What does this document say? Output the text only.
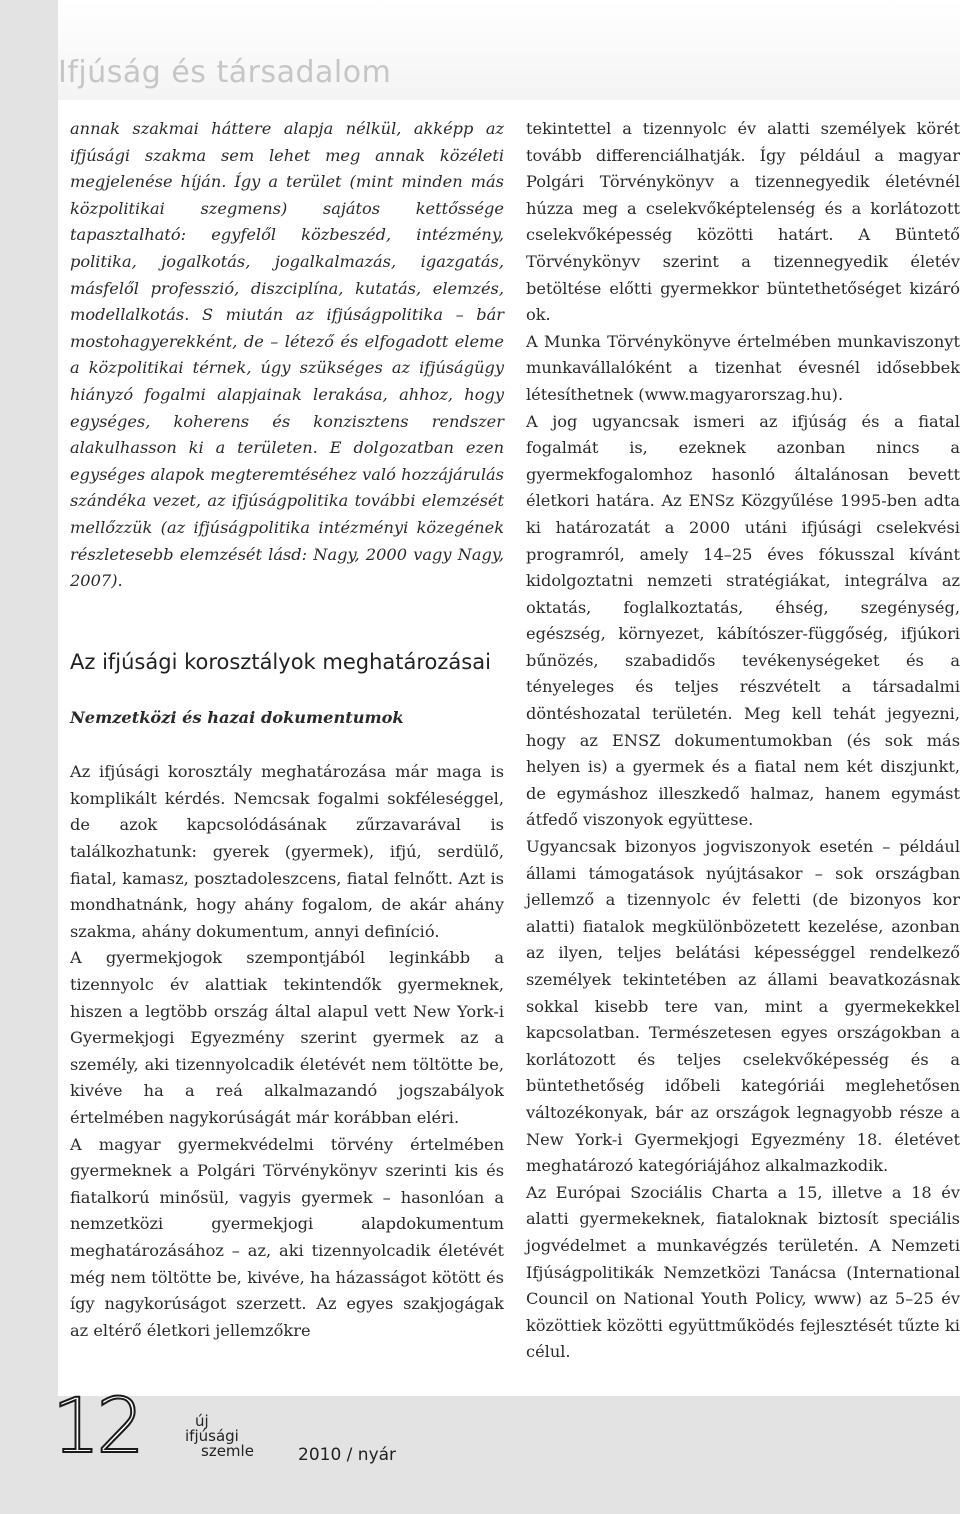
Ifjúság és társadalom

annak szakmai háttere alapja nélkül, akképp az ifjúsági szakma sem lehet meg annak közéleti megjelenése híján. Így a terület (mint minden más közpolitikai szegmens) sajátos kettőssége tapasztalható: egyfelől közbeszéd, intézmény, politika, jogalkotás, jogalkalmazás, igazgatás, másfelől professzió, diszciplína, kutatás, elemzés, modellalkotás. S miután az ifjúságpolitika – bár mostohagyerekként, de – létező és elfogadott eleme a közpolitikai térnek, úgy szükséges az ifjúságügy hiányzó fogalmi alapjainak lerakása, ahhoz, hogy egységes, koherens és konzisztens rendszer alakulhasson ki a területen. E dolgozatban ezen egységes alapok megteremtéséhez való hozzájárulás szándéka vezet, az ifjúságpolitika további elemzését mellőzzük (az ifjúságpolitika intézményi közegének részletesebb elemzését lásd: Nagy, 2000 vagy Nagy, 2007).

Az ifjúsági korosztályok meghatározásai
Nemzetközi és hazai dokumentumok

Az ifjúsági korosztály meghatározása már maga is komplikált kérdés. Nemcsak fogalmi sokféleséggel, de azok kapcsolódásának zűrzavarával is találkozhatunk: gyerek (gyermek), ifjú, serdülő, fiatal, kamasz, posztadoleszcens, fiatal felnőtt. Azt is mondhatnánk, hogy ahány fogalom, de akár ahány szakma, ahány dokumentum, annyi definíció.

A gyermekjogok szempontjából leginkább a tizennyolc év alattiak tekintendők gyermeknek, hiszen a legtöbb ország által alapul vett New York-i Gyermekjogi Egyezmény szerint gyermek az a személy, aki tizennyolcadik életévét nem töltötte be, kivéve ha a reá alkalmazandó jogszabályok értelmében nagykorúságát már korábban eléri.

A magyar gyermekvédelmi törvény értelmében gyermeknek a Polgári Törvénykönyv szerinti kis és fiatalkorú minősül, vagyis gyermek – hasonlóan a nemzetközi gyermekjogi alapdokumentum meghatározásához – az, aki tizennyolcadik életévét még nem töltötte be, kivéve, ha házasságot kötött és így nagykorúságot szerzett. Az egyes szakjogágak az eltérő életkori jellemzőkre

tekintettel a tizennyolc év alatti személyek körét tovább differenciálhatják. Így például a magyar Polgári Törvénykönyv a tizennegyedik életévnél húzza meg a cselekvőképtelenség és a korlátozott cselekvőképesség közötti határt. A Büntető Törvénykönyv szerint a tizennegyedik életév betöltése előtti gyermekkor büntethetőséget kizáró ok.

A Munka Törvénykönyve értelmében munkaviszonyt munkavállalóként a tizenhat évesnél idősebbek létesíthetnek (www.magyarorszag.hu).

A jog ugyancsak ismeri az ifjúság és a fiatal fogalmát is, ezeknek azonban nincs a gyermekfogalomhoz hasonló általánosan bevett életkori határa. Az ENSz Közgyűlése 1995-ben adta ki határozatát a 2000 utáni ifjúsági cselekvési programról, amely 14–25 éves fókusszal kívánt kidolgoztatni nemzeti stratégiákat, integrálva az oktatás, foglalkoztatás, éhség, szegénység, egészség, környezet, kábítószer-függőség, ifjúkori bűnözés, szabadidős tevékenységeket és a tényeleges és teljes részvételt a társadalmi döntéshozatal területén. Meg kell tehát jegyezni, hogy az ENSZ dokumentumokban (és sok más helyen is) a gyermek és a fiatal nem két diszjunkt, de egymáshoz illeszkedő halmaz, hanem egymást átfedő viszonyok együttese.

Ugyancsak bizonyos jogviszonyok esetén – például állami támogatások nyújtásakor – sok országban jellemző a tizennyolc év feletti (de bizonyos kor alatti) fiatalok megkülönbözetett kezelése, azonban az ilyen, teljes belátási képességgel rendelkező személyek tekintetében az állami beavatkozásnak sokkal kisebb tere van, mint a gyermekekkel kapcsolatban. Természetesen egyes országokban a korlátozott és teljes cselekvőképesség és a büntethetőség időbeli kategóriái meglehetősen változékonyak, bár az országok legnagyobb része a New York-i Gyermekjogi Egyezmény 18. életévet meghatározó kategóriájához alkalmazkodik.

Az Európai Szociális Charta a 15, illetve a 18 év alatti gyermekeknek, fiataloknak biztosít speciális jogvédelmet a munkavégzés területén. A Nemzeti Ifjúságpolitikák Nemzetközi Tanácsa (International Council on National Youth Policy, www) az 5–25 év közöttiek közötti együttműködés fejlesztését tűzte ki célul.

12	új
ifjúsági
szemle	2010 / nyár
